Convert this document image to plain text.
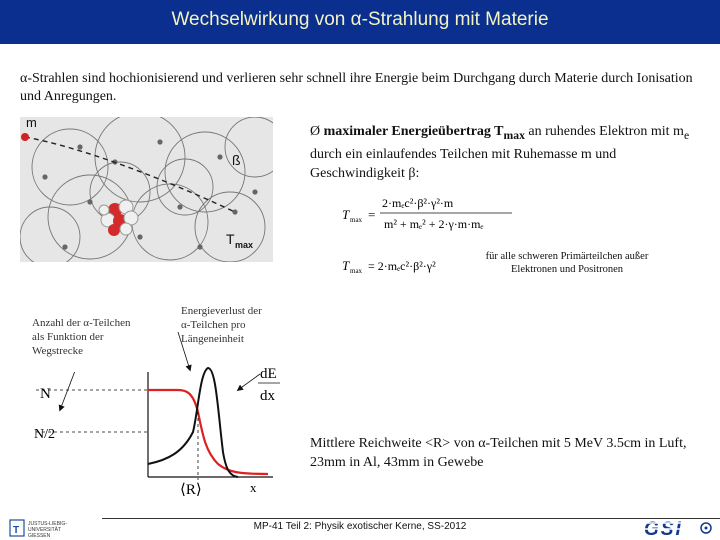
Wechselwirkung von α-Strahlung mit Materie
α-Strahlen sind hochionisierend und verlieren sehr schnell ihre Energie beim Durchgang durch Materie durch Ionisation und Anregungen.
m
ß
T max
Ø maximaler Energieübertrag $T_{max}$ an ruhendes Elektron mit $m_e$ durch ein einlaufendes Teilchen mit Ruhemasse m und Geschwindigkeit β:
T max =
2·mₑc²·β²·γ²·m
m² + mₑ² + 2·γ·m·mₑ
T max = 2·mₑc²·β²·γ²
für alle schweren Primärteilchen außer Elektronen und Positronen
Anzahl der α-Teilchen als Funktion der Wegstrecke
Energieverlust der α-Teilchen pro Längeneinheit
N
N/2
dE
dx
⟨R⟩	x
Mittlere Reichweite <R> von α-Teilchen mit 5 MeV 3.5cm in Luft, 23mm in Al, 43mm in Gewebe
MP-41 Teil 2: Physik exotischer Kerne, SS-2012
T
JUSTUS-LIEBIG-
UNIVERSITÄT
GIESSEN	GSI
